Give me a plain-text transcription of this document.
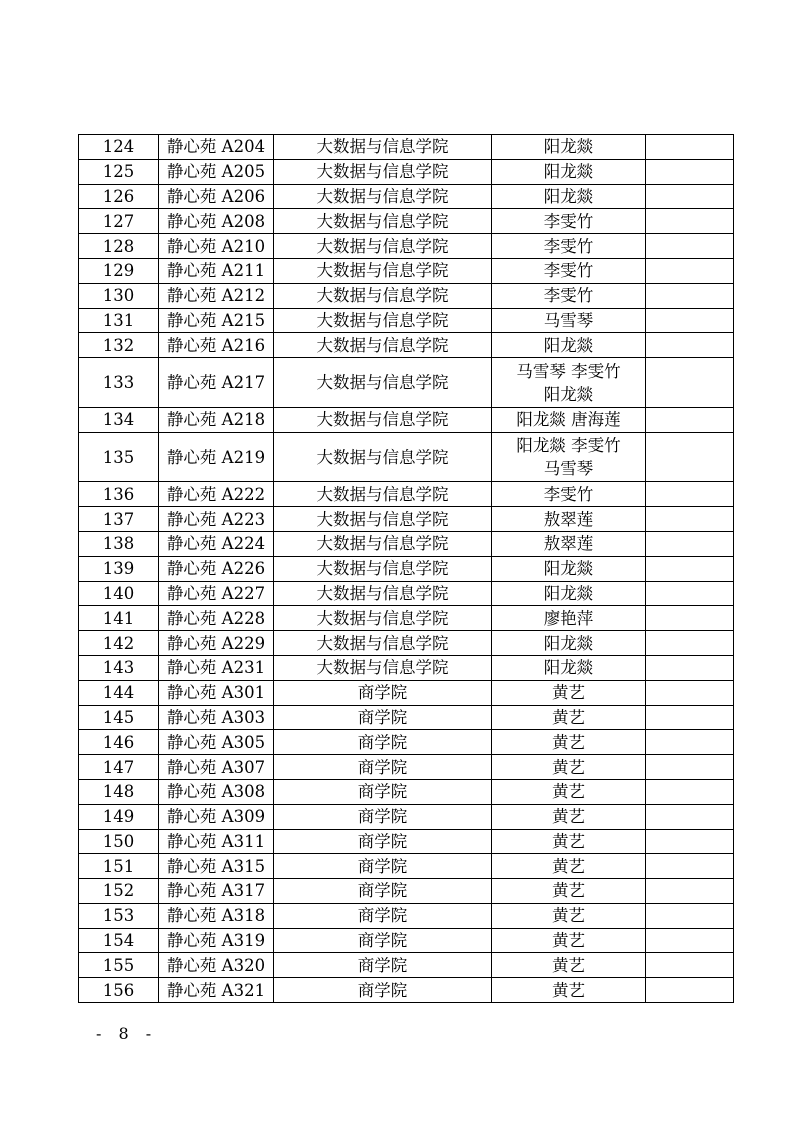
124	静心苑 A204	大数据与信息学院	阳龙燚	

125	静心苑 A205	大数据与信息学院	阳龙燚	

126	静心苑 A206	大数据与信息学院	阳龙燚	

127	静心苑 A208	大数据与信息学院	李雯竹	

128	静心苑 A210	大数据与信息学院	李雯竹	

129	静心苑 A211	大数据与信息学院	李雯竹	

130	静心苑 A212	大数据与信息学院	李雯竹	

131	静心苑 A215	大数据与信息学院	马雪琴	

132	静心苑 A216	大数据与信息学院	阳龙燚	

133	静心苑 A217	大数据与信息学院	马雪琴 李雯竹
阳龙燚	

134	静心苑 A218	大数据与信息学院	阳龙燚 唐海莲	

135	静心苑 A219	大数据与信息学院	阳龙燚 李雯竹
马雪琴	

136	静心苑 A222	大数据与信息学院	李雯竹	

137	静心苑 A223	大数据与信息学院	敖翠莲	

138	静心苑 A224	大数据与信息学院	敖翠莲	

139	静心苑 A226	大数据与信息学院	阳龙燚	

140	静心苑 A227	大数据与信息学院	阳龙燚	

141	静心苑 A228	大数据与信息学院	廖艳萍	

142	静心苑 A229	大数据与信息学院	阳龙燚	

143	静心苑 A231	大数据与信息学院	阳龙燚	

144	静心苑 A301	商学院	黄艺	

145	静心苑 A303	商学院	黄艺	

146	静心苑 A305	商学院	黄艺	

147	静心苑 A307	商学院	黄艺	

148	静心苑 A308	商学院	黄艺	

149	静心苑 A309	商学院	黄艺	

150	静心苑 A311	商学院	黄艺	

151	静心苑 A315	商学院	黄艺	

152	静心苑 A317	商学院	黄艺	

153	静心苑 A318	商学院	黄艺	

154	静心苑 A319	商学院	黄艺	

155	静心苑 A320	商学院	黄艺	

156	静心苑 A321	商学院	黄艺	

- 8 -
